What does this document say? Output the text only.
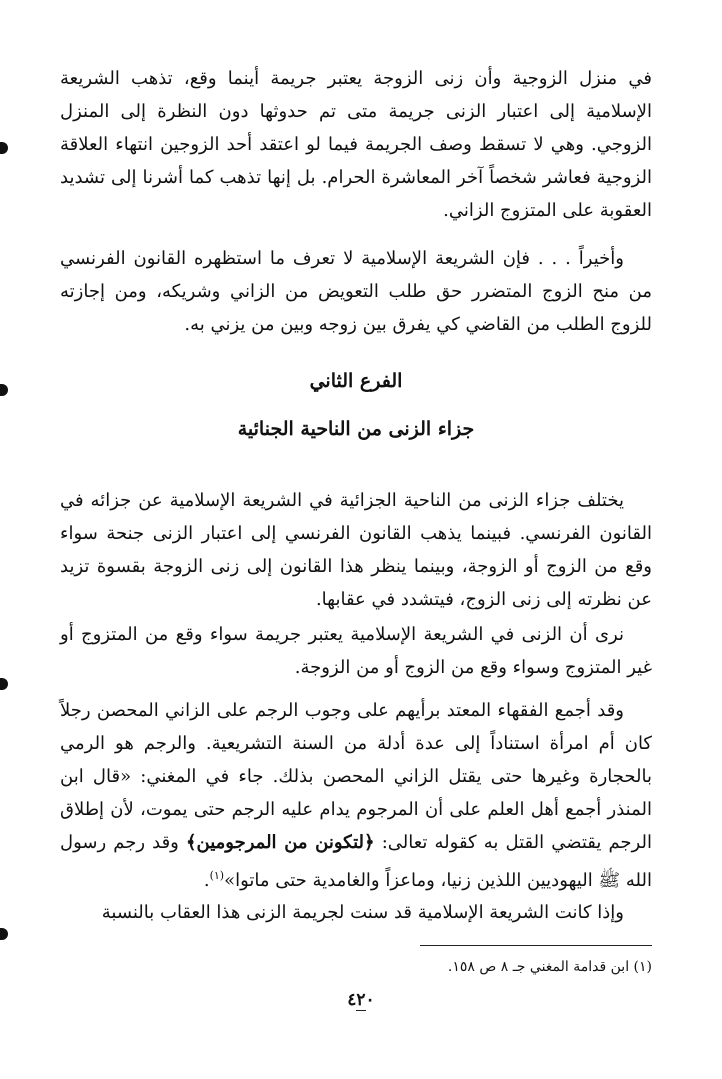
في منزل الزوجية وأن زنى الزوجة يعتبر جريمة أينما وقع، تذهب الشريعة الإسلامية إلى اعتبار الزنى جريمة متى تم حدوثها دون النظرة إلى المنزل الزوجي. وهي لا تسقط وصف الجريمة فيما لو اعتقد أحد الزوجين انتهاء العلاقة الزوجية فعاشر شخصاً آخر المعاشرة الحرام. بل إنها تذهب كما أشرنا إلى تشديد العقوبة على المتزوج الزاني.

وأخيراً . . . فإن الشريعة الإسلامية لا تعرف ما استظهره القانون الفرنسي من منح الزوج المتضرر حق طلب التعويض من الزاني وشريكه، ومن إجازته للزوج الطلب من القاضي كي يفرق بين زوجه وبين من يزني به.

الفرع الثاني
جزاء الزنى من الناحية الجنائية

يختلف جزاء الزنى من الناحية الجزائية في الشريعة الإسلامية عن جزائه في القانون الفرنسي. فبينما يذهب القانون الفرنسي إلى اعتبار الزنى جنحة سواء وقع من الزوج أو الزوجة، وبينما ينظر هذا القانون إلى زنى الزوجة بقسوة تزيد عن نظرته إلى زنى الزوج، فيتشدد في عقابها.

نرى أن الزنى في الشريعة الإسلامية يعتبر جريمة سواء وقع من المتزوج أو غير المتزوج وسواء وقع من الزوج أو من الزوجة.

وقد أجمع الفقهاء المعتد برأيهم على وجوب الرجم على الزاني المحصن رجلاً كان أم امرأة استناداً إلى عدة أدلة من السنة التشريعية. والرجم هو الرمي بالحجارة وغيرها حتى يقتل الزاني المحصن بذلك. جاء في المغني: «قال ابن المنذر أجمع أهل العلم على أن المرجوم يدام عليه الرجم حتى يموت، لأن إطلاق الرجم يقتضي القتل به كقوله تعالى: ﴿لتكونن من المرجومين﴾ وقد رجم رسول الله ﷺ اليهوديين اللذين زنيا، وماعزاً والغامدية حتى ماتوا»$^{(١)}$.

وإذا كانت الشريعة الإسلامية قد سنت لجريمة الزنى هذا العقاب بالنسبة

(١) ابن قدامة المغني جـ ٨ ص ١٥٨.

٤٢٠
